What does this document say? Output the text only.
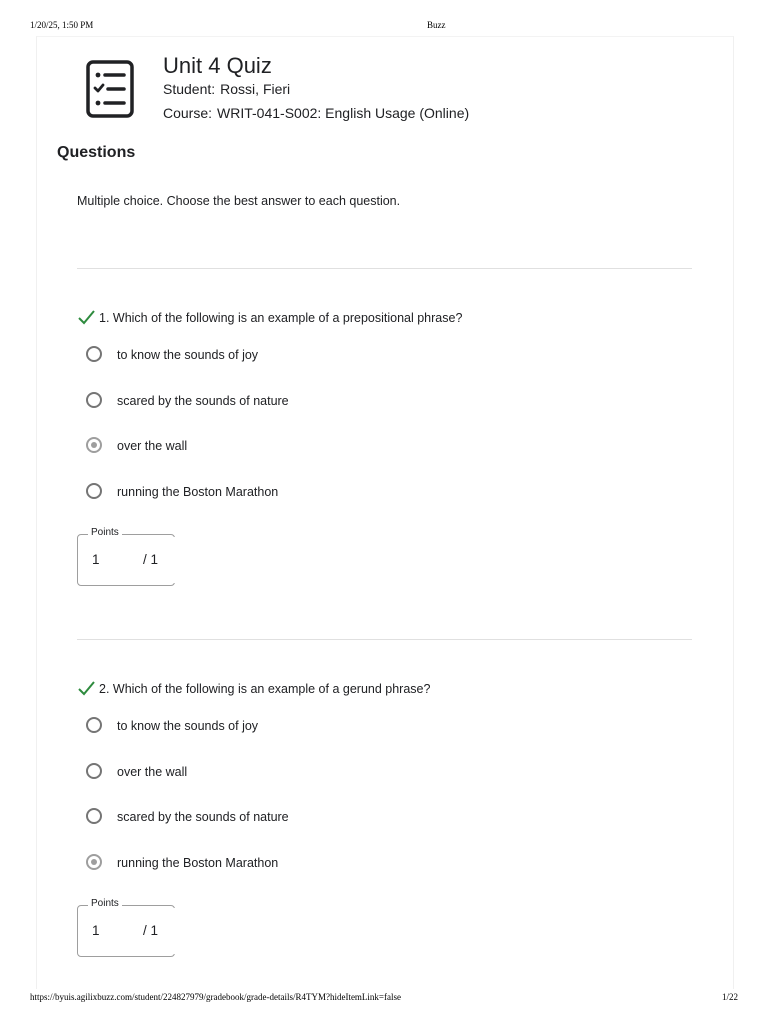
1/20/25, 1:50 PM	Buzz
Unit 4 Quiz
Student: Rossi, Fieri
Course: WRIT-041-S002: English Usage (Online)
Questions
Multiple choice. Choose the best answer to each question.
1. Which of the following is an example of a prepositional phrase?
to know the sounds of joy
scared by the sounds of nature
over the wall
running the Boston Marathon
Points
1	/ 1
2. Which of the following is an example of a gerund phrase?
to know the sounds of joy
over the wall
scared by the sounds of nature
running the Boston Marathon
Points
1	/ 1
https://byuis.agilixbuzz.com/student/224827979/gradebook/grade-details/R4TYM?hideItemLink=false	1/22
